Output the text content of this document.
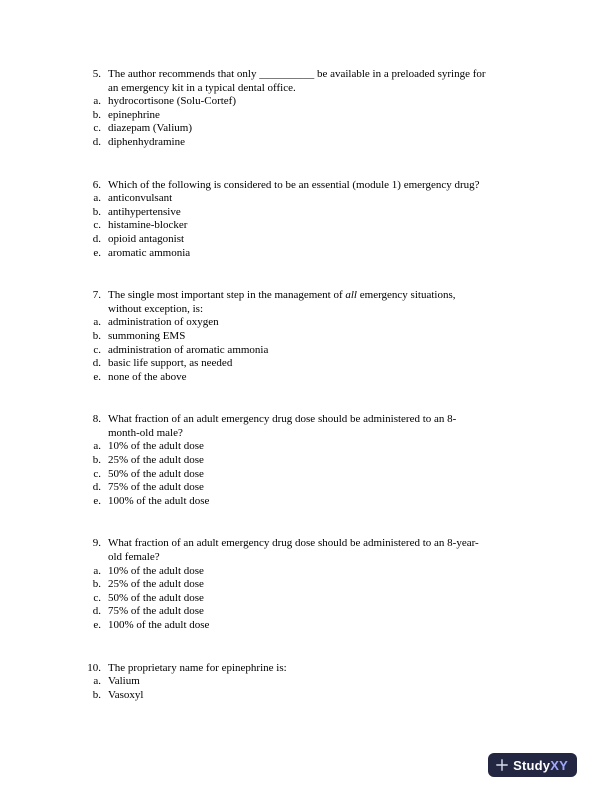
5. The author recommends that only __________ be available in a preloaded syringe for
an emergency kit in a typical dental office.
a. hydrocortisone (Solu-Cortef)
b. epinephrine
c. diazepam (Valium)
d. diphenhydramine
6. Which of the following is considered to be an essential (module 1) emergency drug?
a. anticonvulsant
b. antihypertensive
c. histamine-blocker
d. opioid antagonist
e. aromatic ammonia
7. The single most important step in the management of all emergency situations,
without exception, is:
a. administration of oxygen
b. summoning EMS
c. administration of aromatic ammonia
d. basic life support, as needed
e. none of the above
8. What fraction of an adult emergency drug dose should be administered to an 8-
month-old male?
a. 10% of the adult dose
b. 25% of the adult dose
c. 50% of the adult dose
d. 75% of the adult dose
e. 100% of the adult dose
9. What fraction of an adult emergency drug dose should be administered to an 8-year-
old female?
a. 10% of the adult dose
b. 25% of the adult dose
c. 50% of the adult dose
d. 75% of the adult dose
e. 100% of the adult dose
10. The proprietary name for epinephrine is:
a. Valium
b. Vasoxyl
StudyXY
